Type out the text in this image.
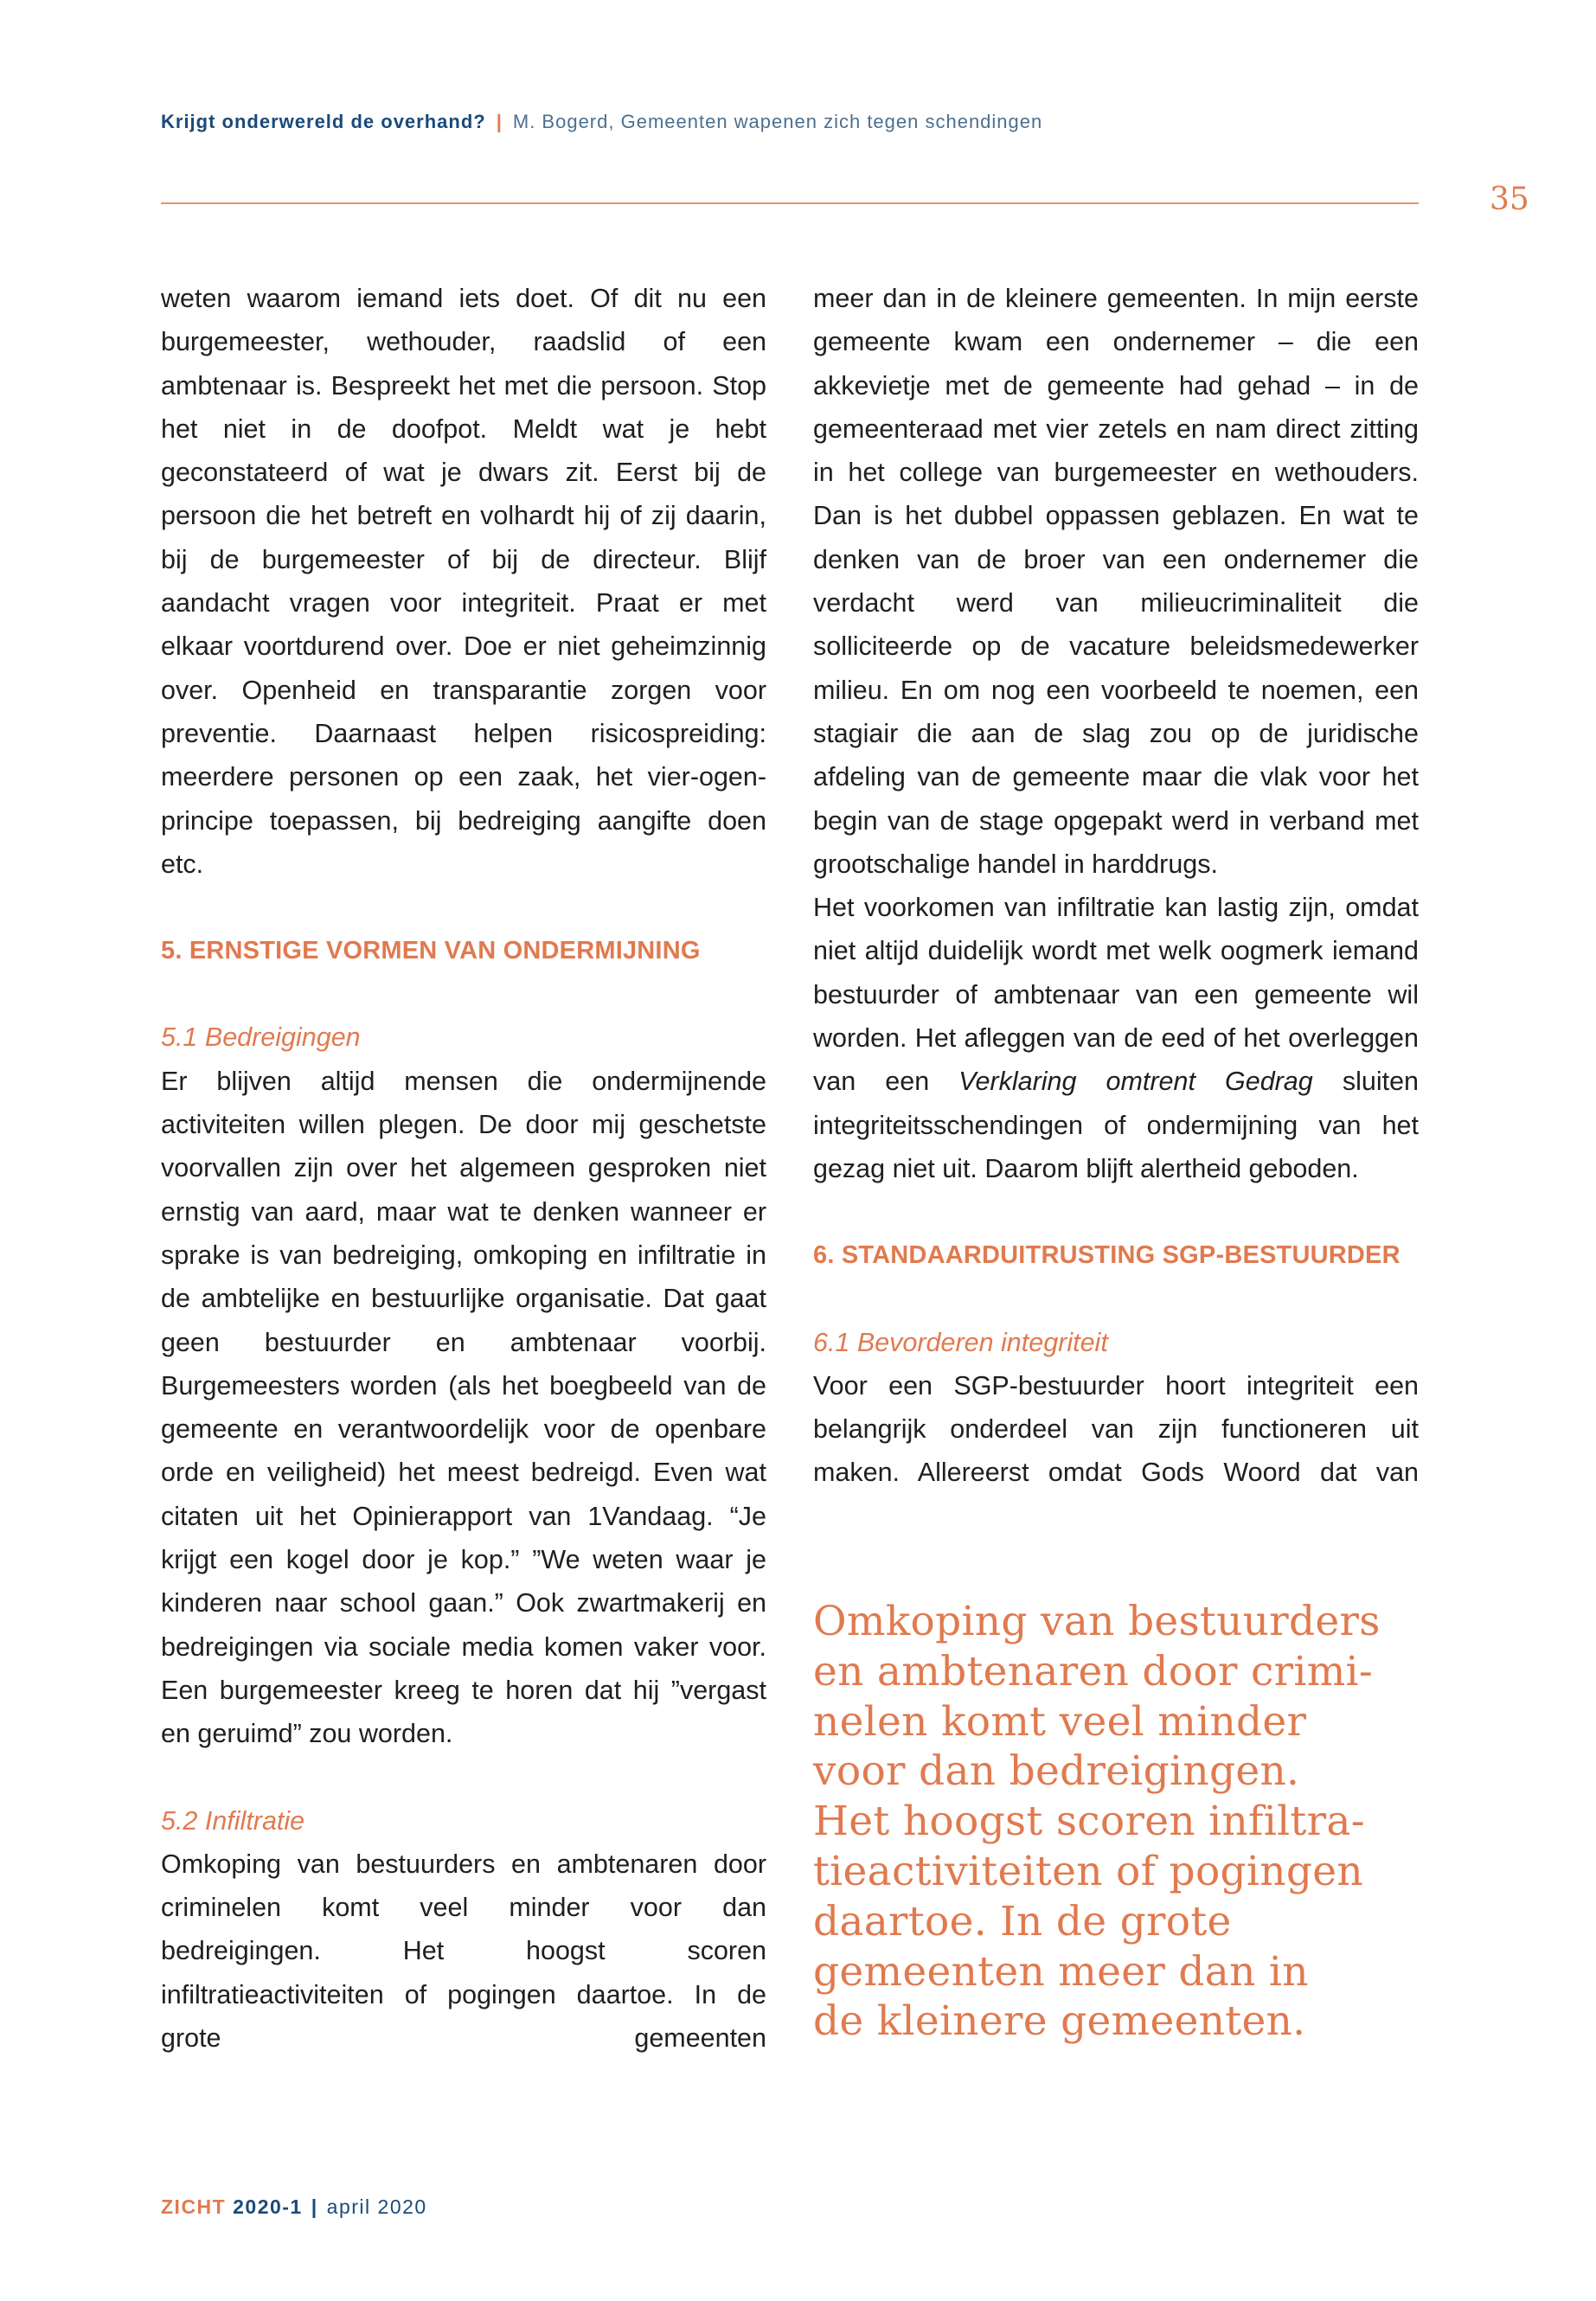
Krijgt onderwereld de overhand? | M. Bogerd, Gemeenten wapenen zich tegen schendingen
35

weten waarom iemand iets doet. Of dit nu een burgemeester, wethouder, raadslid of een ambtenaar is. Bespreekt het met die persoon. Stop het niet in de doofpot. Meldt wat je hebt geconstateerd of wat je dwars zit. Eerst bij de persoon die het betreft en volhardt hij of zij daarin, bij de burgemeester of bij de directeur. Blijf aandacht vragen voor integriteit. Praat er met elkaar voortdurend over. Doe er niet geheimzinnig over. Openheid en transparantie zorgen voor preventie. Daarnaast helpen risicospreiding: meerdere personen op een zaak, het vier-ogen-principe toepassen, bij bedreiging aangifte doen etc.

5. ERNSTIGE VORMEN VAN ONDERMIJNING

5.1 Bedreigingen

Er blijven altijd mensen die ondermijnende activiteiten willen plegen. De door mij geschetste voorvallen zijn over het algemeen gesproken niet ernstig van aard, maar wat te denken wanneer er sprake is van bedreiging, omkoping en infiltratie in de ambtelijke en bestuurlijke organisatie. Dat gaat geen bestuurder en ambtenaar voorbij. Burgemeesters worden (als het boegbeeld van de gemeente en verantwoordelijk voor de openbare orde en veiligheid) het meest bedreigd. Even wat citaten uit het Opinierapport van 1Vandaag. “Je krijgt een kogel door je kop.” ”We weten waar je kinderen naar school gaan.” Ook zwartmakerij en bedreigingen via sociale media komen vaker voor. Een burgemeester kreeg te horen dat hij ”vergast en geruimd” zou worden.

5.2 Infiltratie

Omkoping van bestuurders en ambtenaren door criminelen komt veel minder voor dan bedreigingen. Het hoogst scoren infiltratieactiviteiten of pogingen daartoe. In de grote gemeenten

meer dan in de kleinere gemeenten. In mijn eerste gemeente kwam een ondernemer – die een akkevietje met de gemeente had gehad – in de gemeenteraad met vier zetels en nam direct zitting in het college van burgemeester en wethouders. Dan is het dubbel oppassen geblazen. En wat te denken van de broer van een ondernemer die verdacht werd van milieucriminaliteit die solliciteerde op de vacature beleidsmedewerker milieu. En om nog een voorbeeld te noemen, een stagiair die aan de slag zou op de juridische afdeling van de gemeente maar die vlak voor het begin van de stage opgepakt werd in verband met grootschalige handel in harddrugs.

Het voorkomen van infiltratie kan lastig zijn, omdat niet altijd duidelijk wordt met welk oogmerk iemand bestuurder of ambtenaar van een gemeente wil worden. Het afleggen van de eed of het overleggen van een Verklaring omtrent Gedrag sluiten integriteitsschendingen of ondermijning van het gezag niet uit. Daarom blijft alertheid geboden.

6. STANDAARDUITRUSTING SGP-BESTUURDER

6.1 Bevorderen integriteit

Voor een SGP-bestuurder hoort integriteit een belangrijk onderdeel van zijn functioneren uit maken. Allereerst omdat Gods Woord dat van

Omkoping van bestuurders
en ambtenaren door crimi-
nelen komt veel minder
voor dan bedreigingen.
Het hoogst scoren infiltra-
tieactiviteiten of pogingen
daartoe. In de grote
gemeenten meer dan in
de kleinere gemeenten.
ZICHT 2020-1 | april 2020
